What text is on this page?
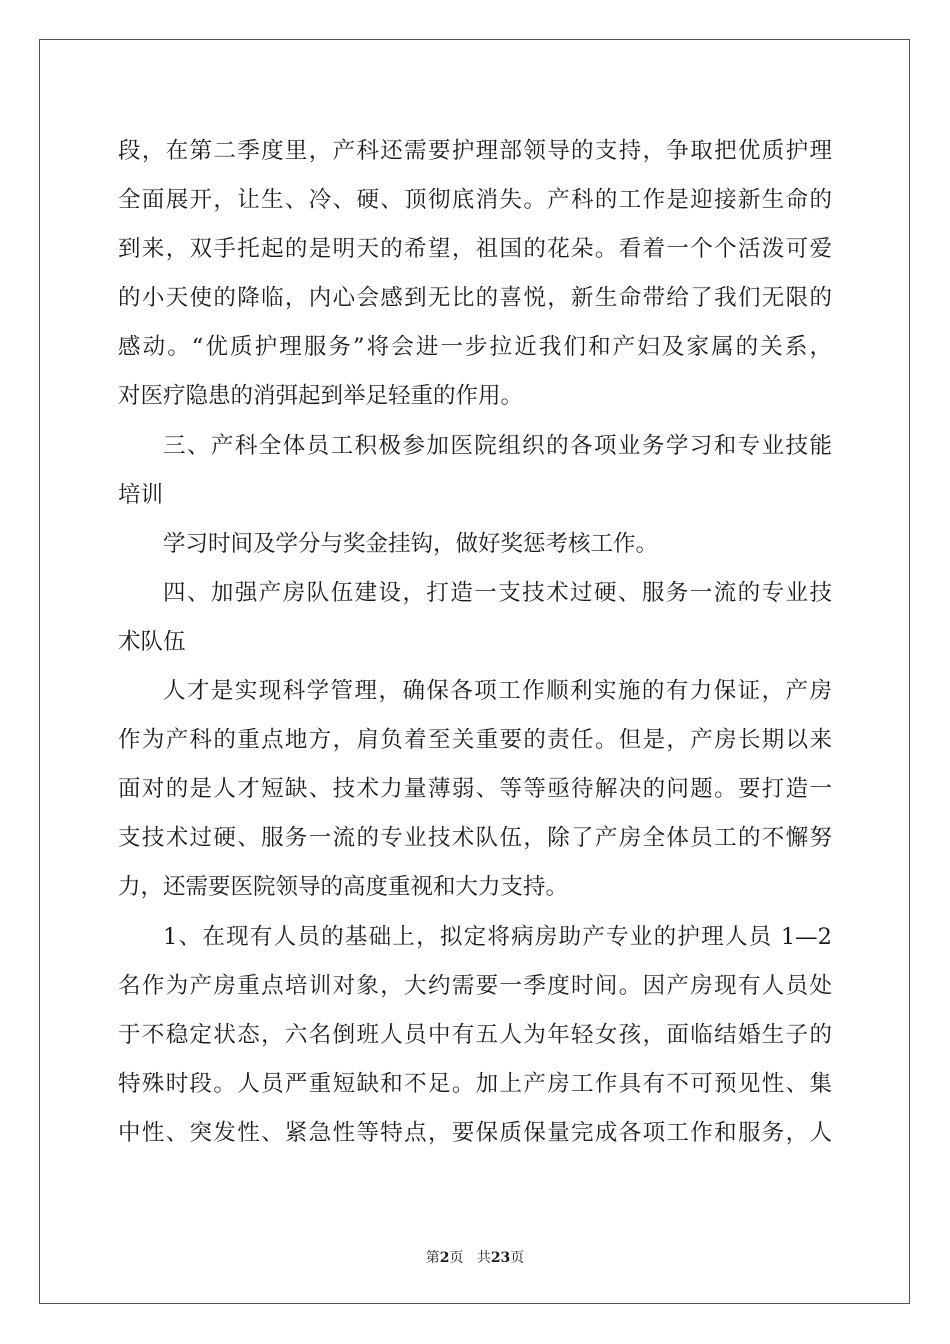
段，在第二季度里，产科还需要护理部领导的支持，争取把优质护理
全面展开，让生、冷、硬、顶彻底消失。产科的工作是迎接新生命的
到来，双手托起的是明天的希望，祖国的花朵。看着一个个活泼可爱
的小天使的降临，内心会感到无比的喜悦，新生命带给了我们无限的
感动。“优质护理服务”将会进一步拉近我们和产妇及家属的关系，
对医疗隐患的消弭起到举足轻重的作用。
三、产科全体员工积极参加医院组织的各项业务学习和专业技能
培训
学习时间及学分与奖金挂钩，做好奖惩考核工作。
四、加强产房队伍建设，打造一支技术过硬、服务一流的专业技
术队伍
人才是实现科学管理，确保各项工作顺利实施的有力保证，产房
作为产科的重点地方，肩负着至关重要的责任。但是，产房长期以来
面对的是人才短缺、技术力量薄弱、等等亟待解决的问题。要打造一
支技术过硬、服务一流的专业技术队伍，除了产房全体员工的不懈努
力，还需要医院领导的高度重视和大力支持。
1、在现有人员的基础上，拟定将病房助产专业的护理人员 1—2
名作为产房重点培训对象，大约需要一季度时间。因产房现有人员处
于不稳定状态，六名倒班人员中有五人为年轻女孩，面临结婚生子的
特殊时段。人员严重短缺和不足。加上产房工作具有不可预见性、集
中性、突发性、紧急性等特点，要保质保量完成各项工作和服务，人
第2页 共23页
